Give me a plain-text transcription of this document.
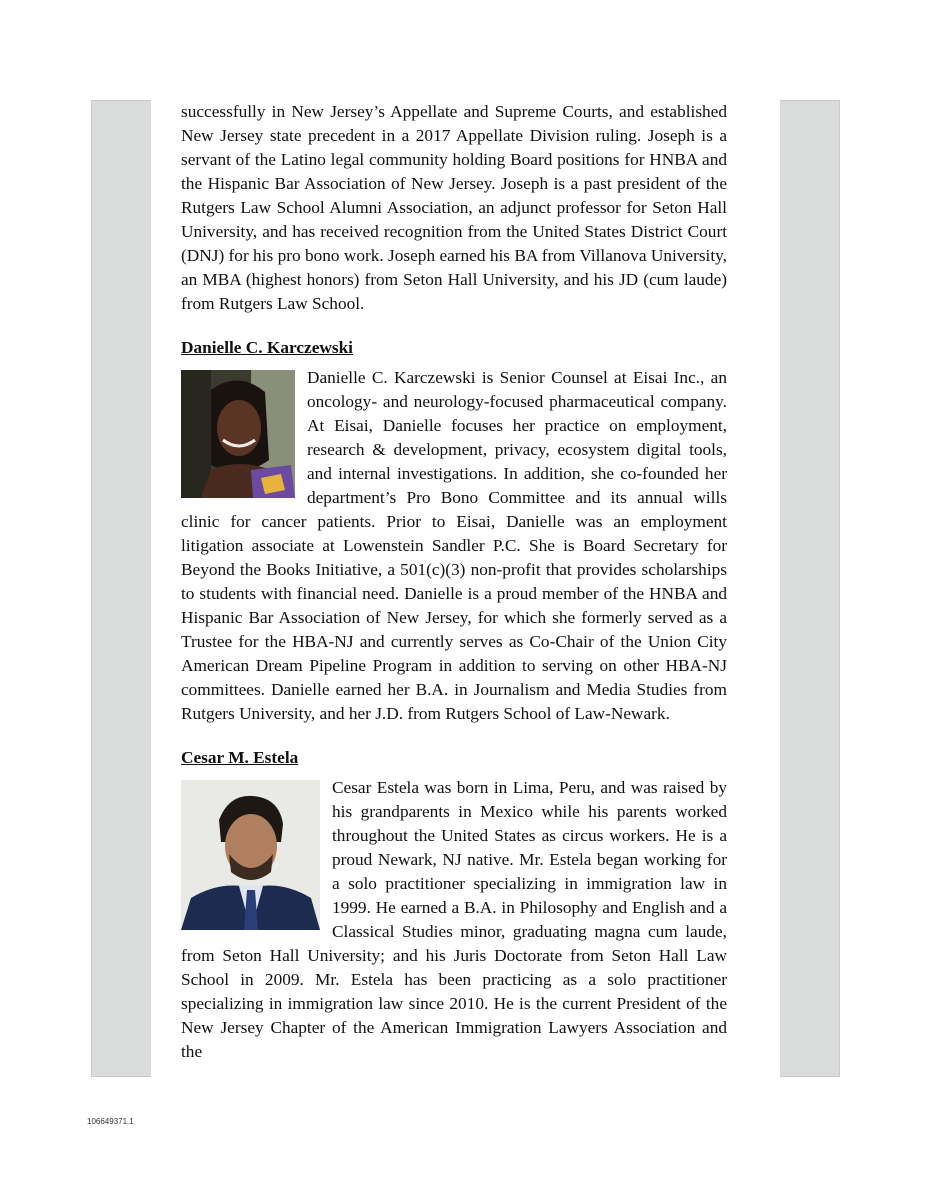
successfully in New Jersey’s Appellate and Supreme Courts, and established New Jersey state precedent in a 2017 Appellate Division ruling. Joseph is a servant of the Latino legal community holding Board positions for HNBA and the Hispanic Bar Association of New Jersey. Joseph is a past president of the Rutgers Law School Alumni Association, an adjunct professor for Seton Hall University, and has received recognition from the United States District Court (DNJ) for his pro bono work. Joseph earned his BA from Villanova University, an MBA (highest honors) from Seton Hall University, and his JD (cum laude) from Rutgers Law School.

Danielle C. Karczewski

Danielle C. Karczewski is Senior Counsel at Eisai Inc., an oncology- and neurology-focused pharmaceutical company. At Eisai, Danielle focuses her practice on employment, research & development, privacy, ecosystem digital tools, and internal investigations. In addition, she co-founded her department’s Pro Bono Committee and its annual wills clinic for cancer patients. Prior to Eisai, Danielle was an employment litigation associate at Lowenstein Sandler P.C. She is Board Secretary for Beyond the Books Initiative, a 501(c)(3) non-profit that provides scholarships to students with financial need. Danielle is a proud member of the HNBA and Hispanic Bar Association of New Jersey, for which she formerly served as a Trustee for the HBA-NJ and currently serves as Co-Chair of the Union City American Dream Pipeline Program in addition to serving on other HBA-NJ committees. Danielle earned her B.A. in Journalism and Media Studies from Rutgers University, and her J.D. from Rutgers School of Law-Newark.

Cesar M. Estela

Cesar Estela was born in Lima, Peru, and was raised by his grandparents in Mexico while his parents worked throughout the United States as circus workers. He is a proud Newark, NJ native. Mr. Estela began working for a solo practitioner specializing in immigration law in 1999. He earned a B.A. in Philosophy and English and a Classical Studies minor, graduating magna cum laude, from Seton Hall University; and his Juris Doctorate from Seton Hall Law School in 2009. Mr. Estela has been practicing as a solo practitioner specializing in immigration law since 2010. He is the current President of the New Jersey Chapter of the American Immigration Lawyers Association and the

106649371.1
